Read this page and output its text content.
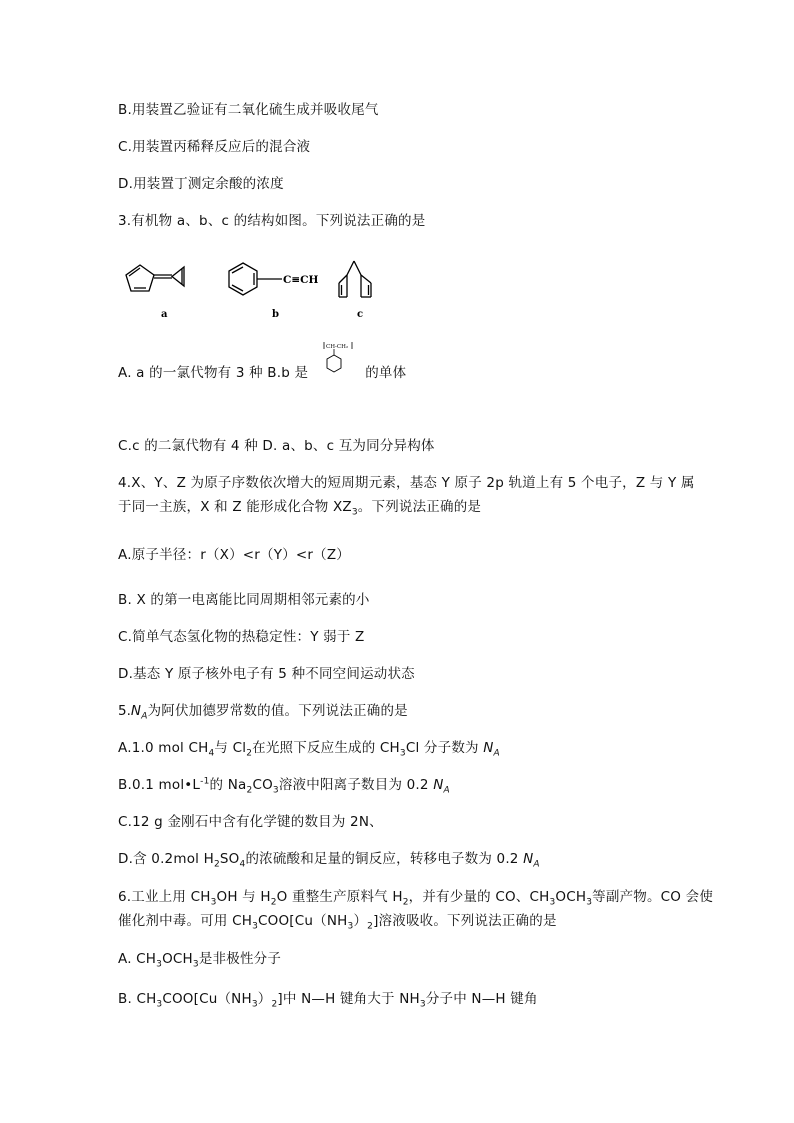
B.用装置乙验证有二氧化硫生成并吸收尾气
C.用装置丙稀释反应后的混合液
D.用装置丁测定余酸的浓度
3.有机物 a、b、c 的结构如图。下列说法正确的是
a
C≡CH
b	c
A. a 的一氯代物有 3 种 B.b 是	的单体
CH-CH₂
C.c 的二氯代物有 4 种 D. a、b、c 互为同分异构体
4.X、Y、Z 为原子序数依次增大的短周期元素，基态 Y 原子 2p 轨道上有 5 个电子，Z 与 Y 属
于同一主族，X 和 Z 能形成化合物 $XZ_3$。下列说法正确的是
A.原子半径：r（X）<r（Y）<r（Z）
B. X 的第一电离能比同周期相邻元素的小
C.简单气态氢化物的热稳定性：Y 弱于 Z
D.基态 Y 原子核外电子有 5 种不同空间运动状态
$5.N_A$为阿伏加德罗常数的值。下列说法正确的是
A.1.0 mol $CH_4$与 $Cl_2$在光照下反应生成的 $CH_3Cl$ 分子数为 $N_A$
B.0.1 $mol•L^{-1}$的 $Na_2CO_3$溶液中阳离子数目为 0.2 $N_A$
C.12 g 金刚石中含有化学键的数目为 2N、
D.含 0.2mol $H_2SO_4$的浓硫酸和足量的铜反应，转移电子数为 0.2 $N_A$
6.工业上用 $CH_3OH$ 与 $H_2O$ 重整生产原料气 $H_2$，并有少量的 CO、$CH_3OCH_3$等副产物。CO 会使
催化剂中毒。可用 $CH_3COO[Cu(NH_3)_2]$溶液吸收。下列说法正确的是
A. $CH_3OCH_3$是非极性分子
B. $CH_3COO[Cu(NH_3)_2]$中 N—H 键角大于 $NH_3$分子中 N—H 键角
